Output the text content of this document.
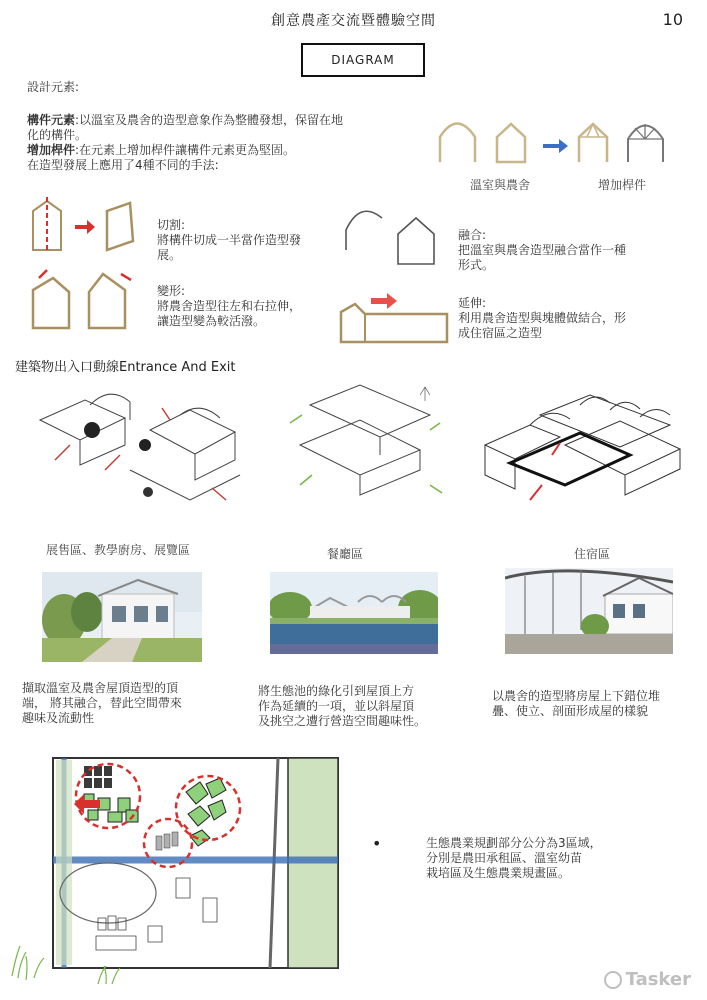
創意農產交流暨體驗空間	10
DIAGRAM

設計元素:

構件元素:以溫室及農舍的造型意象作為整體發想，保留在地

化的構件。

增加桿件:在元素上增加桿件讓構件元素更為堅固。

在造型發展上應用了4種不同的手法:

溫室與農舍	增加桿件
切割:
將構件切成一半當作造型發
展。
融合:
把溫室與農舍造型融合當作一種
形式。
變形:
將農舍造型往左和右拉伸，
讓造型變為較活潑。
延伸:
利用農舍造型與塊體做結合，形
成住宿區之造型
建築物出入口動線Entrance And Exit
展售區、教學廚房、展覽區	餐廳區	住宿區
擷取溫室及農舍屋頂造型的頂
端， 將其融合，替此空間帶來
趣味及流動性
將生態池的綠化引到屋頂上方
作為延續的一項，並以斜屋頂
及挑空之遭行營造空間趣味性。
以農舍的造型將房屋上下錯位堆
疊、使立、剖面形成屋的樣貌
•	生態農業規劃部分公分為3區域，
分別是農田承租區、溫室幼苗
栽培區及生態農業規畫區。
Tasker
